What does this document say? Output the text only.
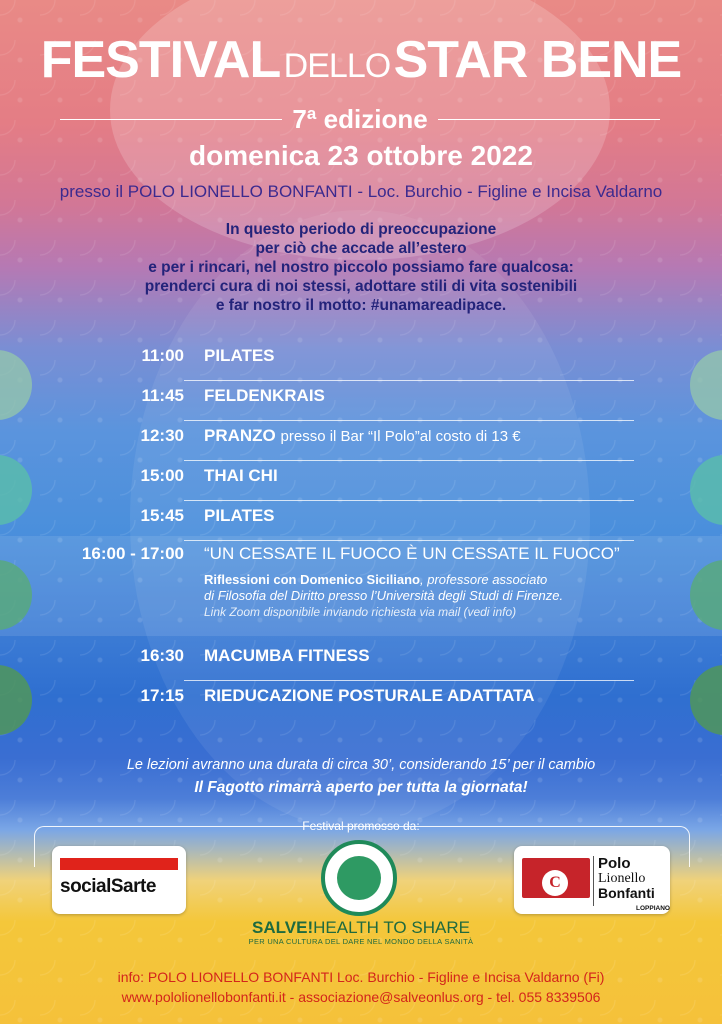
FESTIVAL DELLO STAR BENE
7ª edizione
domenica 23 ottobre 2022
presso il POLO LIONELLO BONFANTI - Loc. Burchio - Figline e Incisa Valdarno
In questo periodo di preoccupazione
per ciò che accade all’estero
e per i rincari, nel nostro piccolo possiamo fare qualcosa:
prenderci cura di noi stessi, adottare stili di vita sostenibili
e far nostro il motto: #unamareadipace.
11:00 PILATES
11:45 FELDENKRAIS
12:30 PRANZO presso il Bar “Il Polo”al costo di 13 €
15:00 THAI CHI
15:45 PILATES
16:00 - 17:00 “UN CESSATE IL FUOCO È UN CESSATE IL FUOCO”
Riflessioni con Domenico Siciliano, professore associato
di Filosofia del Diritto presso l’Università degli Studi di Firenze.
Link Zoom disponibile inviando richiesta via mail (vedi info)
16:30 MACUMBA FITNESS
17:15 RIEDUCAZIONE POSTURALE ADATTATA
Le lezioni avranno una durata di circa 30’, considerando 15’ per il cambio
Il Fagotto rimarrà aperto per tutta la giornata!
Festival promosso da:
socialSarte
SALVE!HEALTH TO SHARE
PER UNA CULTURA DEL DARE NEL MONDO DELLA SANITÀ
C
Polo
Lionello
Bonfanti
LOPPIANO
info: POLO LIONELLO BONFANTI Loc. Burchio - Figline e Incisa Valdarno (Fi)
www.pololionellobonfanti.it - associazione@salveonlus.org - tel. 055 8339506
